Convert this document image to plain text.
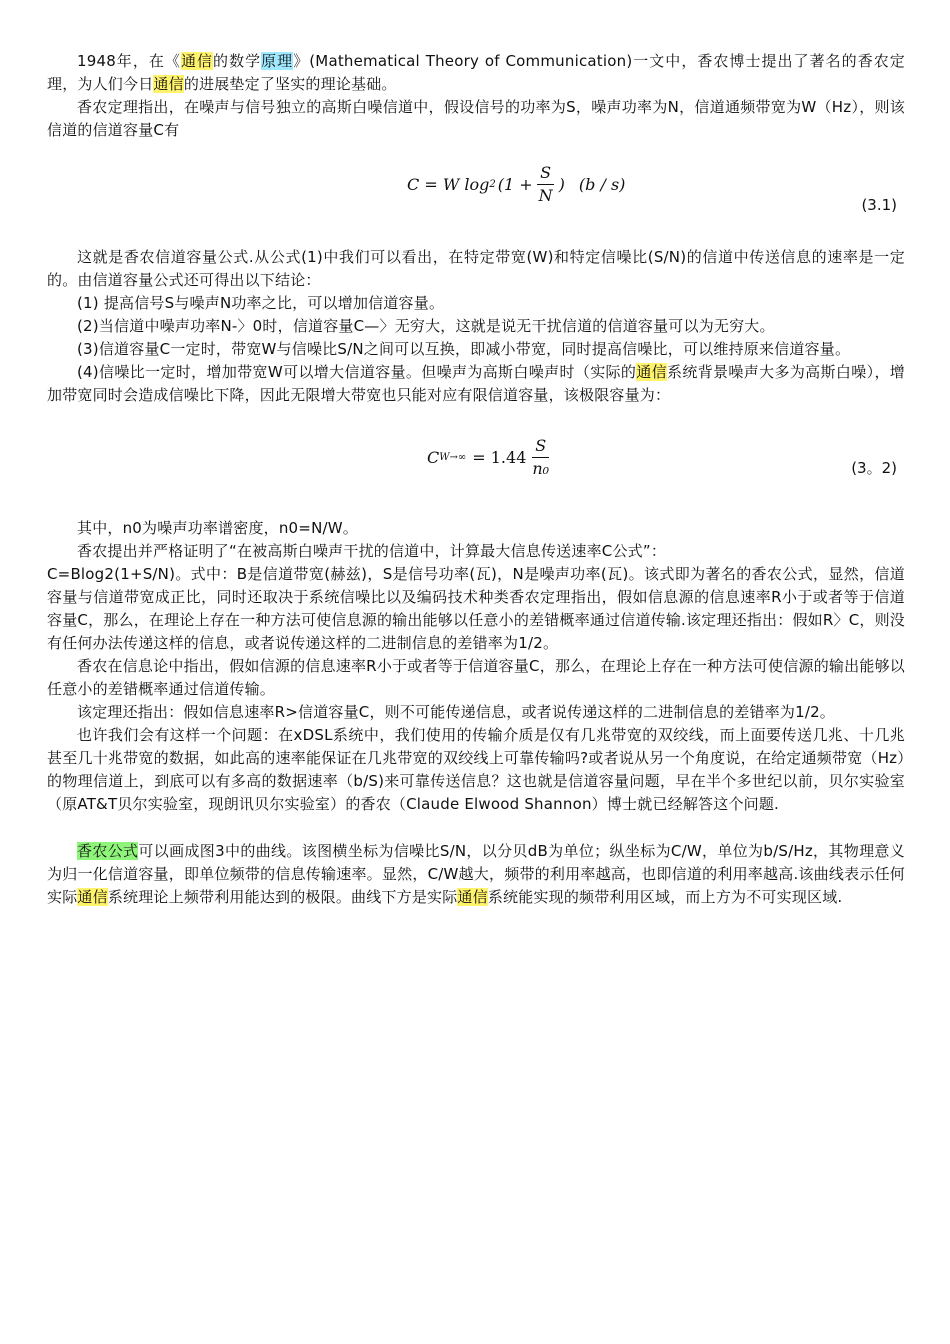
1948年，在《通信的数学原理》(Mathematical Theory of Communication)一文中，香农博士提出了著名的香农定理，为人们今日通信的进展垫定了坚实的理论基础。

香农定理指出，在噪声与信号独立的高斯白噪信道中，假设信号的功率为S，噪声功率为N，信道通频带宽为W（Hz），则该信道的信道容量C有

C = W log 2 ($1 + \frac{S}{N}$ ) (b / s)
(3.1)

这就是香农信道容量公式.从公式(1)中我们可以看出，在特定带宽(W)和特定信噪比(S/N)的信道中传送信息的速率是一定的。由信道容量公式还可得出以下结论：

(1) 提高信号S与噪声N功率之比，可以增加信道容量。

(2)当信道中噪声功率N-〉0时，信道容量C—〉无穷大，这就是说无干扰信道的信道容量可以为无穷大。

(3)信道容量C一定时，带宽W与信噪比S/N之间可以互换，即减小带宽，同时提高信噪比，可以维持原来信道容量。

(4)信噪比一定时，增加带宽W可以增大信道容量。但噪声为高斯白噪声时（实际的通信系统背景噪声大多为高斯白噪），增加带宽同时会造成信噪比下降，因此无限增大带宽也只能对应有限信道容量，该极限容量为：

C $W\to\infty = 1.44 \frac{S}{\text{n₀}}$	(3。2)

其中，n0为噪声功率谱密度，n0=N/W。

香农提出并严格证明了“在被高斯白噪声干扰的信道中，计算最大信息传送速率C公式”：

C=Blog2(1+S/N)。式中：B是信道带宽(赫兹)，S是信号功率(瓦)，N是噪声功率(瓦)。该式即为著名的香农公式，显然，信道容量与信道带宽成正比，同时还取决于系统信噪比以及编码技术种类香农定理指出，假如信息源的信息速率R小于或者等于信道容量C，那么，在理论上存在一种方法可使信息源的输出能够以任意小的差错概率通过信道传输.该定理还指出：假如R〉C，则没有任何办法传递这样的信息，或者说传递这样的二进制信息的差错率为1/2。

香农在信息论中指出，假如信源的信息速率R小于或者等于信道容量C，那么，在理论上存在一种方法可使信源的输出能够以任意小的差错概率通过信道传输。

该定理还指出：假如信息速率R>信道容量C，则不可能传递信息，或者说传递这样的二进制信息的差错率为1/2。

也许我们会有这样一个问题：在xDSL系统中，我们使用的传输介质是仅有几兆带宽的双绞线，而上面要传送几兆、十几兆甚至几十兆带宽的数据，如此高的速率能保证在几兆带宽的双绞线上可靠传输吗?或者说从另一个角度说，在给定通频带宽（Hz）的物理信道上，到底可以有多高的数据速率（b/S)来可靠传送信息？这也就是信道容量问题，早在半个多世纪以前，贝尔实验室（原AT&T贝尔实验室，现朗讯贝尔实验室）的香农（Claude Elwood Shannon）博士就已经解答这个问题.

香农公式可以画成图3中的曲线。该图横坐标为信噪比S/N，以分贝dB为单位；纵坐标为C/W，单位为b/S/Hz，其物理意义为归一化信道容量，即单位频带的信息传输速率。显然，C/W越大，频带的利用率越高，也即信道的利用率越高.该曲线表示任何实际通信系统理论上频带利用能达到的极限。曲线下方是实际通信系统能实现的频带利用区域，而上方为不可实现区域.
